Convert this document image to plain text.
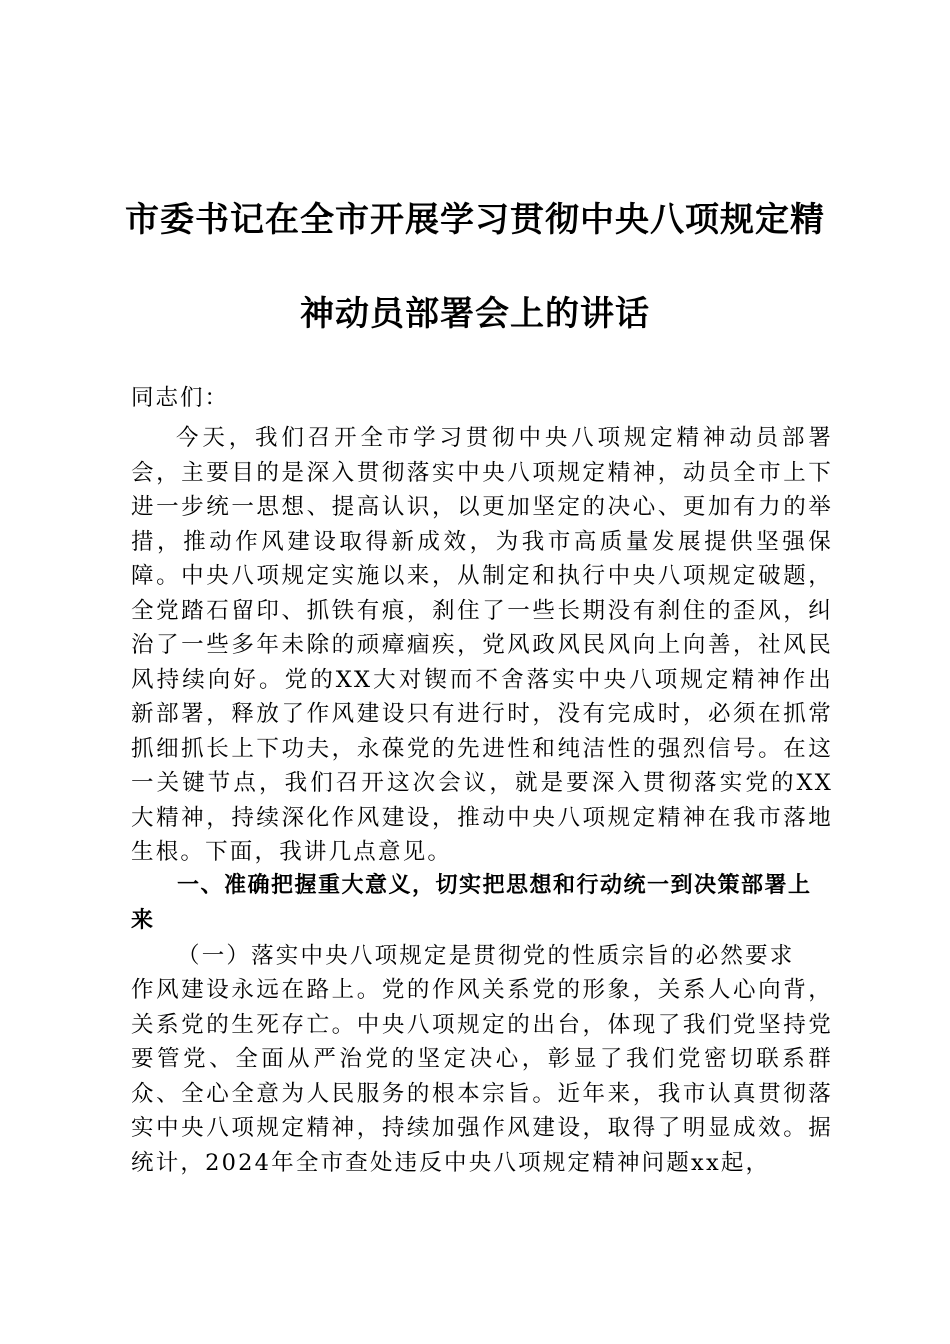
市委书记在全市开展学习贯彻中央八项规定精
神动员部署会上的讲话
同志们：
今天，我们召开全市学习贯彻中央八项规定精神动员部署会，主要目的是深入贯彻落实中央八项规定精神，动员全市上下进一步统一思想、提高认识，以更加坚定的决心、更加有力的举措，推动作风建设取得新成效，为我市高质量发展提供坚强保障。中央八项规定实施以来，从制定和执行中央八项规定破题，全党踏石留印、抓铁有痕，刹住了一些长期没有刹住的歪风，纠治了一些多年未除的顽瘴痼疾，党风政风民风向上向善，社风民风持续向好。党的XX大对锲而不舍落实中央八项规定精神作出新部署，释放了作风建设只有进行时，没有完成时，必须在抓常抓细抓长上下功夫，永葆党的先进性和纯洁性的强烈信号。在这一关键节点，我们召开这次会议，就是要深入贯彻落实党的XX大精神，持续深化作风建设，推动中央八项规定精神在我市落地生根。下面，我讲几点意见。
一、准确把握重大意义，切实把思想和行动统一到决策部署上来
（一）落实中央八项规定是贯彻党的性质宗旨的必然要求
作风建设永远在路上。党的作风关系党的形象，关系人心向背，关系党的生死存亡。中央八项规定的出台，体现了我们党坚持党要管党、全面从严治党的坚定决心，彰显了我们党密切联系群众、全心全意为人民服务的根本宗旨。近年来，我市认真贯彻落实中央八项规定精神，持续加强作风建设，取得了明显成效。据统计，2024年全市查处违反中央八项规定精神问题xx起，
